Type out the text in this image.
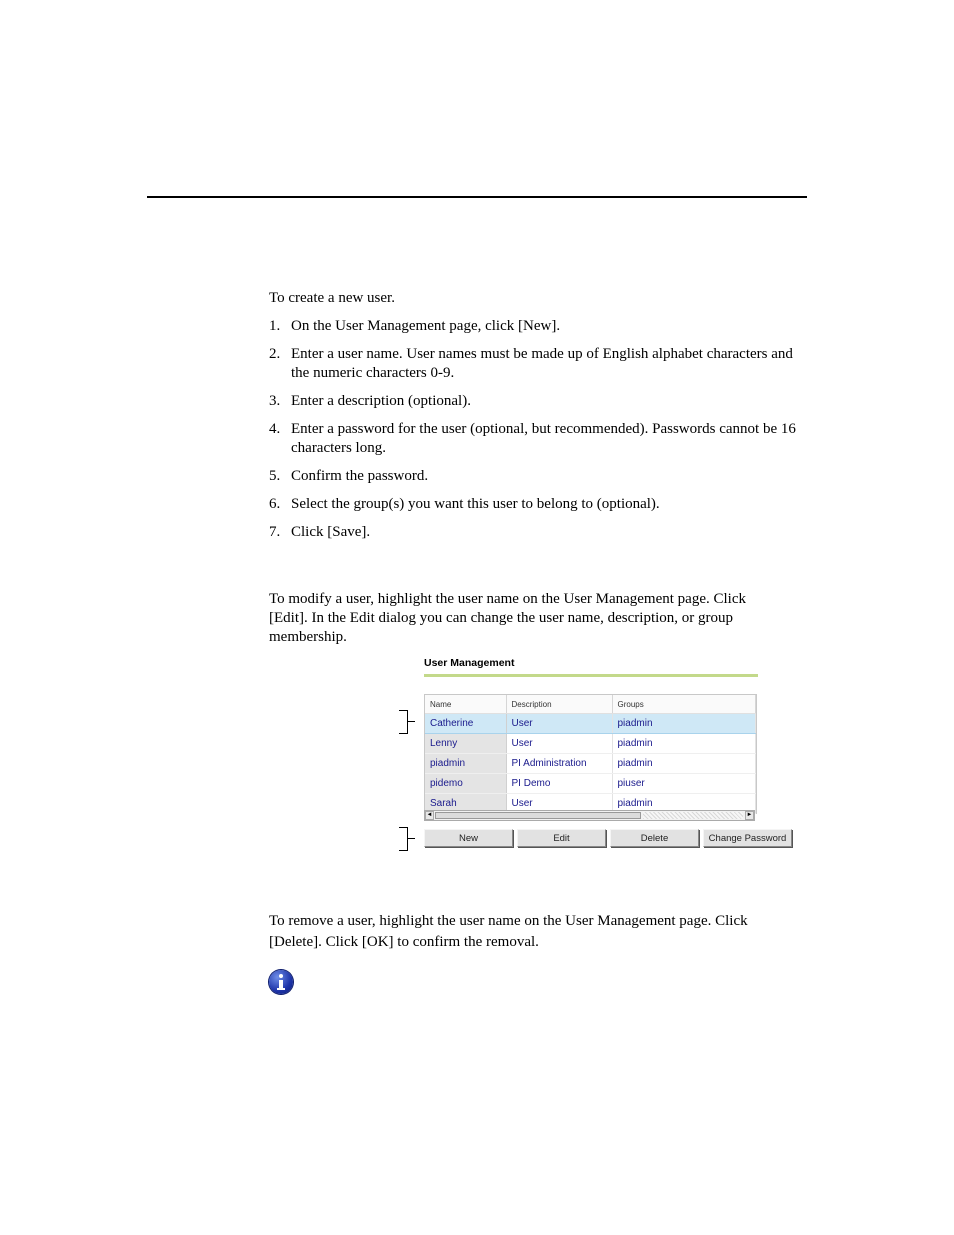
To create a new user.

1. On the User Management page, click [New].
2. Enter a user name. User names must be made up of English alphabet characters and the numeric characters 0-9.
3. Enter a description (optional).
4. Enter a password for the user (optional, but recommended). Passwords cannot be 16 characters long.
5. Confirm the password.
6. Select the group(s) you want this user to belong to (optional).
7. Click [Save].

To modify a user, highlight the user name on the User Management page. Click [Edit]. In the Edit dialog you can change the user name, description, or group membership.

User Management
Name	Description	Groups
Catherine	User	piadmin
Lenny	User	piadmin
piadmin	PI Administration	piadmin
pidemo	PI Demo	piuser
Sarah	User	piadmin
◄	►
New	Edit	Delete	Change Password

To remove a user, highlight the user name on the User Management page. Click [Delete]. Click [OK] to confirm the removal.
